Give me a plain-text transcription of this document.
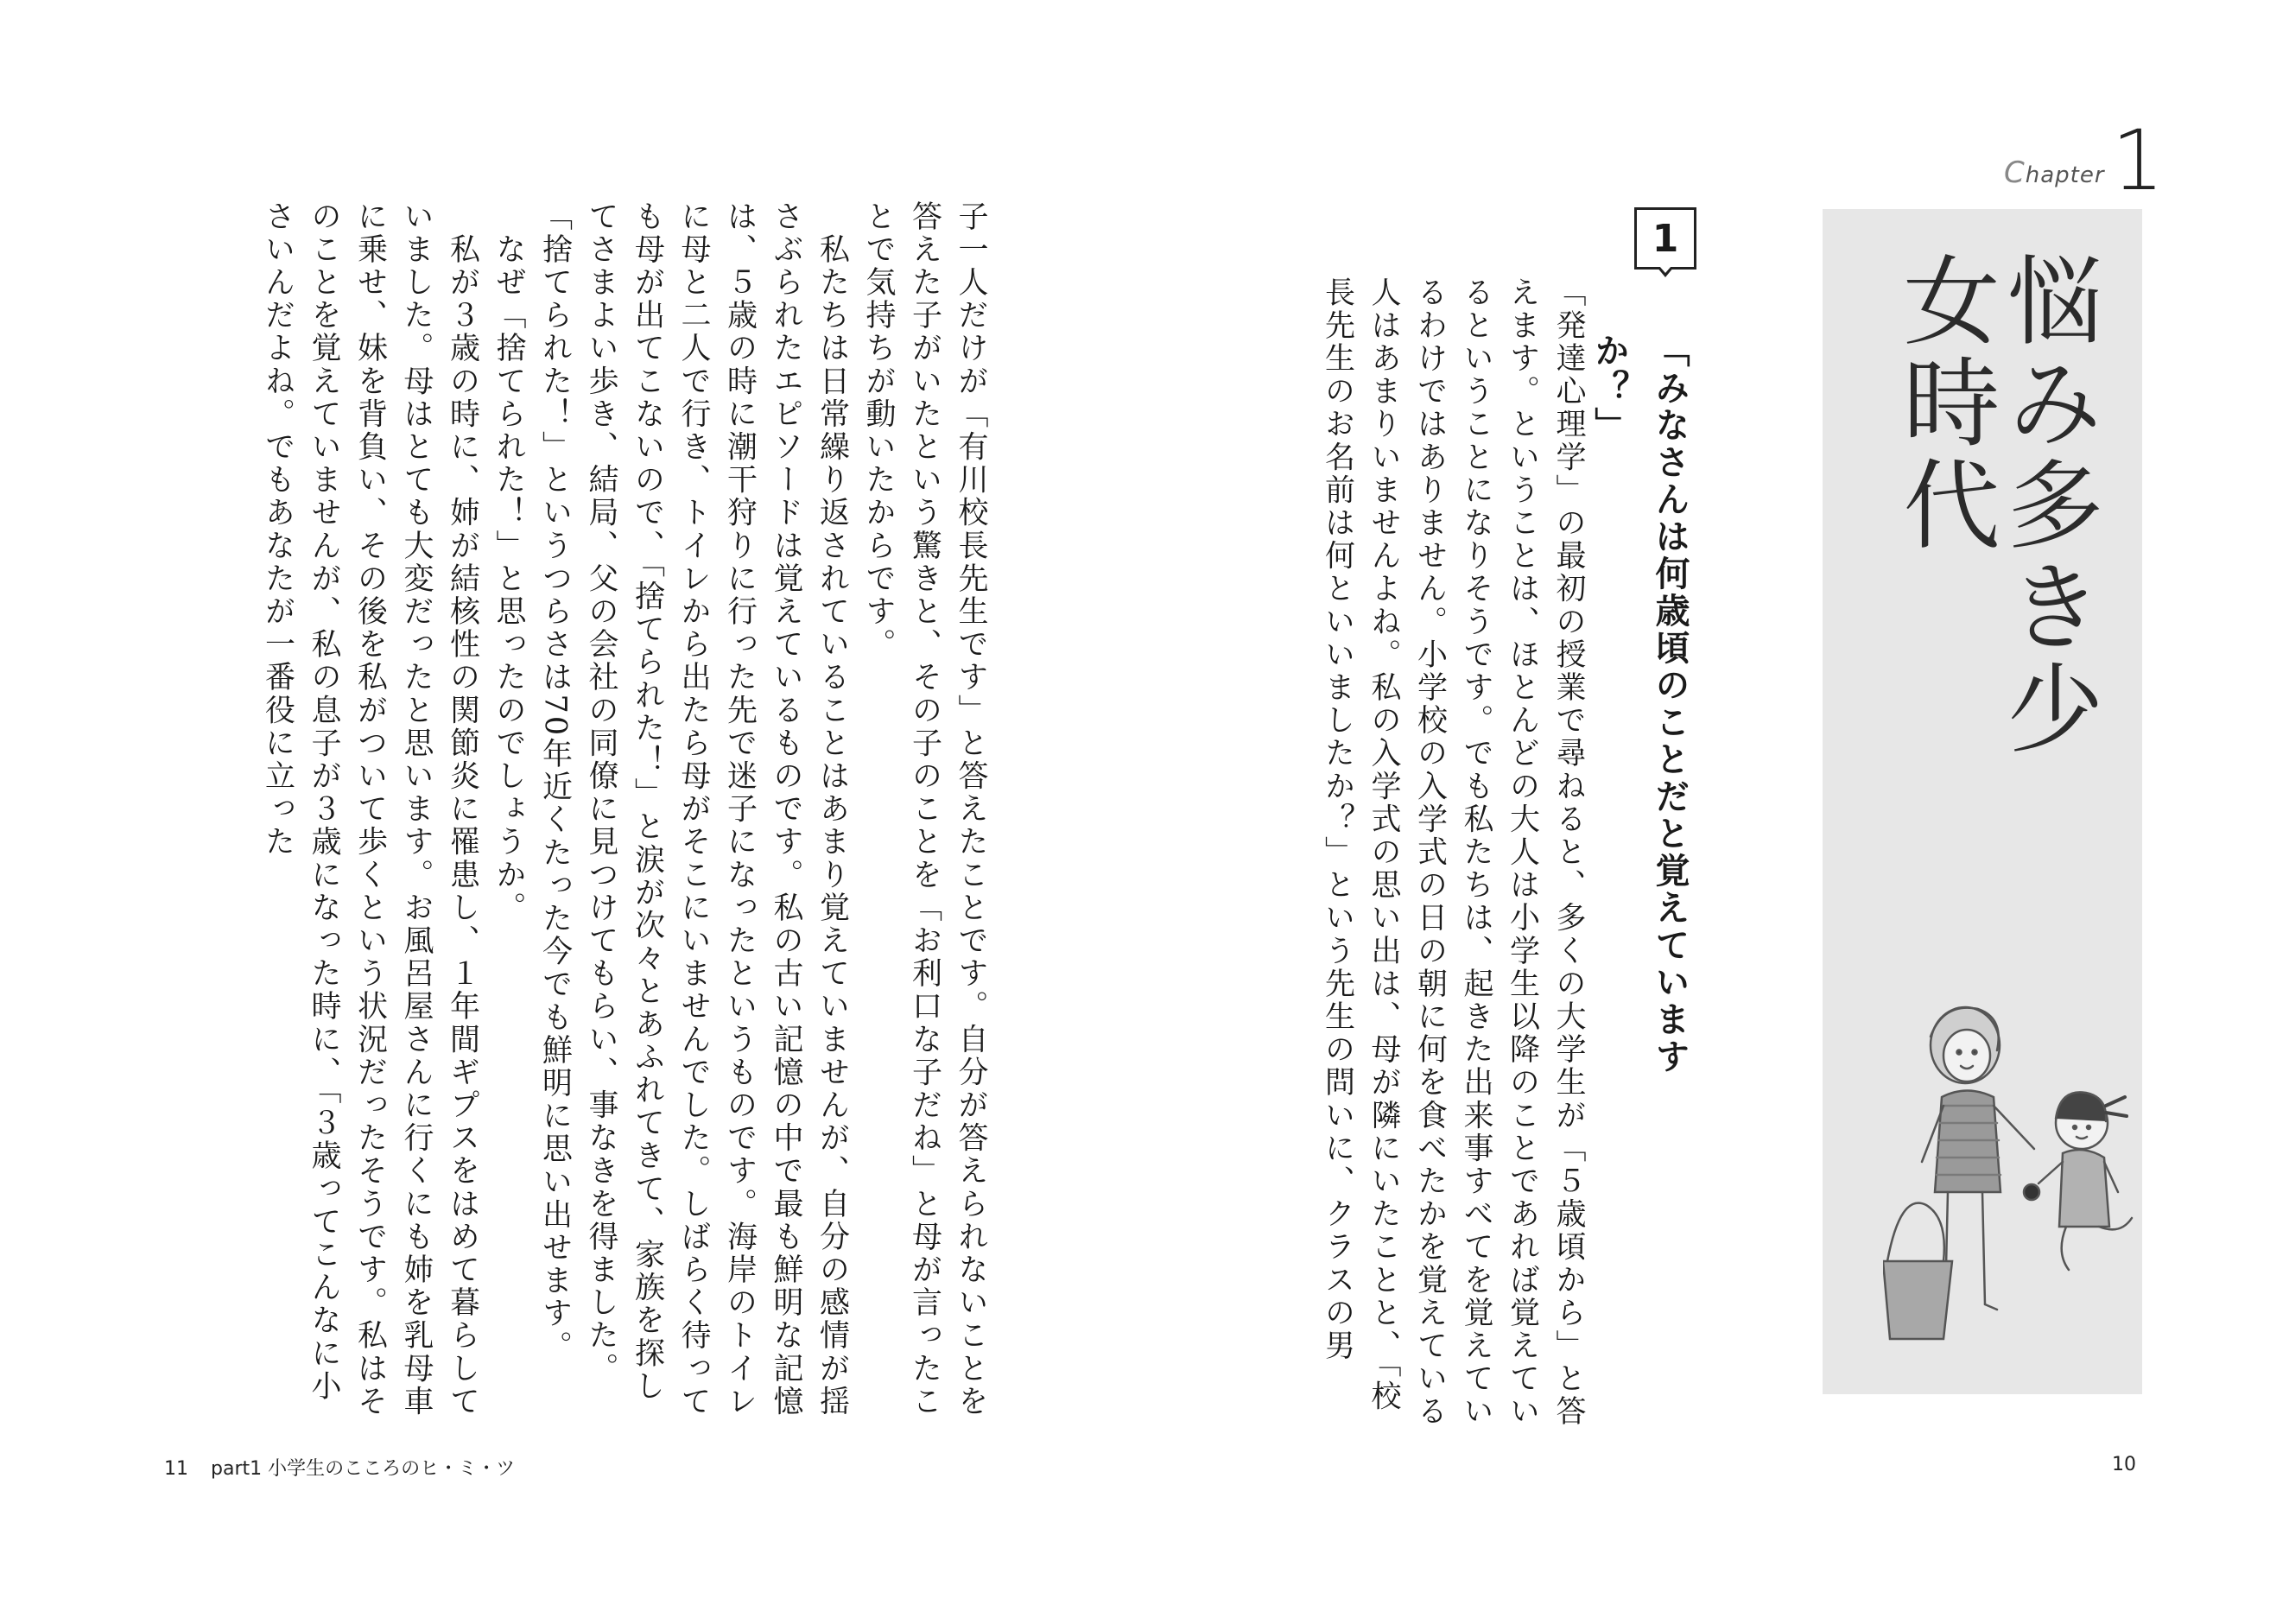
子一人だけが「有川校長先生です」と答えたことです。自分が答えられないことを答えた子がいたという驚きと、その子のことを「お利口な子だね」と母が言ったことで気持ちが動いたからです。
　私たちは日常繰り返されていることはあまり覚えていませんが、自分の感情が揺さぶられたエピソードは覚えているものです。私の古い記憶の中で最も鮮明な記憶は、５歳の時に潮干狩りに行った先で迷子になったというものです。海岸のトイレに母と二人で行き、トイレから出たら母がそこにいませんでした。しばらく待っても母が出てこないので、「捨てられた！」と涙が次々とあふれてきて、家族を探してさまよい歩き、結局、父の会社の同僚に見つけてもらい、事なきを得ました。「捨てられた！」というつらさは70年近くたった今でも鮮明に思い出せます。
　なぜ「捨てられた！」と思ったのでしょうか。
　私が３歳の時に、姉が結核性の関節炎に罹患し、１年間ギプスをはめて暮らしていました。母はとても大変だったと思います。お風呂屋さんに行くにも姉を乳母車に乗せ、妹を背負い、その後を私がついて歩くという状況だったそうです。私はそのことを覚えていませんが、私の息子が３歳になった時に、「３歳ってこんなに小さいんだよね。でもあなたが一番役に立った
11 part1 小学生のこころのヒ・ミ・ツ
「発達心理学」の最初の授業で尋ねると、多くの大学生が「５歳頃から」と答えます。ということは、ほとんどの大人は小学生以降のことであれば覚えているということになりそうです。でも私たちは、起きた出来事すべてを覚えているわけではありません。小学校の入学式の日の朝に何を食べたかを覚えている人はあまりいませんよね。私の入学式の思い出は、母が隣にいたことと、「校長先生のお名前は何といいましたか？」という先生の問いに、クラスの男
1
「みなさんは何歳頃のことだと覚えていますか？」
Chapter 1
悩み多き少女時代
10
